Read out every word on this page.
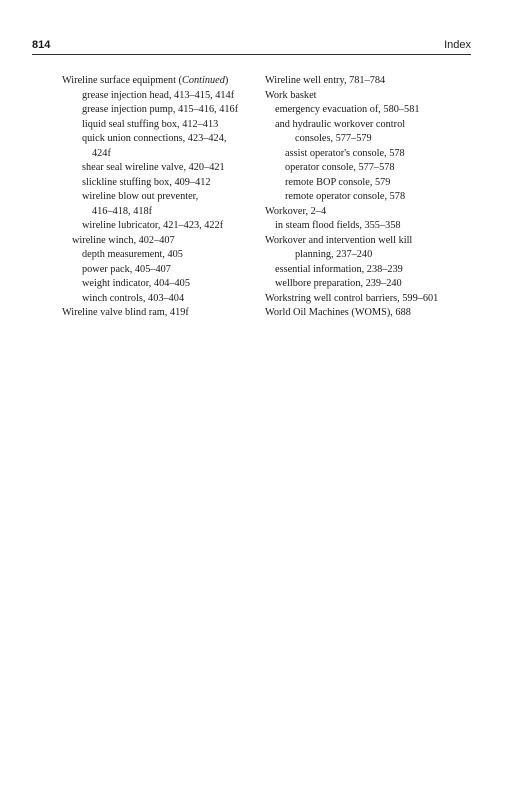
814	Index
Wireline surface equipment (Continued)
grease injection head, 413–415, 414f
grease injection pump, 415–416, 416f
liquid seal stuffing box, 412–413
quick union connections, 423–424,
424f
shear seal wireline valve, 420–421
slickline stuffing box, 409–412
wireline blow out preventer,
416–418, 418f
wireline lubricator, 421–423, 422f
wireline winch, 402–407
depth measurement, 405
power pack, 405–407
weight indicator, 404–405
winch controls, 403–404
Wireline valve blind ram, 419f
Wireline well entry, 781–784
Work basket
emergency evacuation of, 580–581
and hydraulic workover control
consoles, 577–579
assist operator's console, 578
operator console, 577–578
remote BOP console, 579
remote operator console, 578
Workover, 2–4
in steam flood fields, 355–358
Workover and intervention well kill
planning, 237–240
essential information, 238–239
wellbore preparation, 239–240
Workstring well control barriers, 599–601
World Oil Machines (WOMS), 688
